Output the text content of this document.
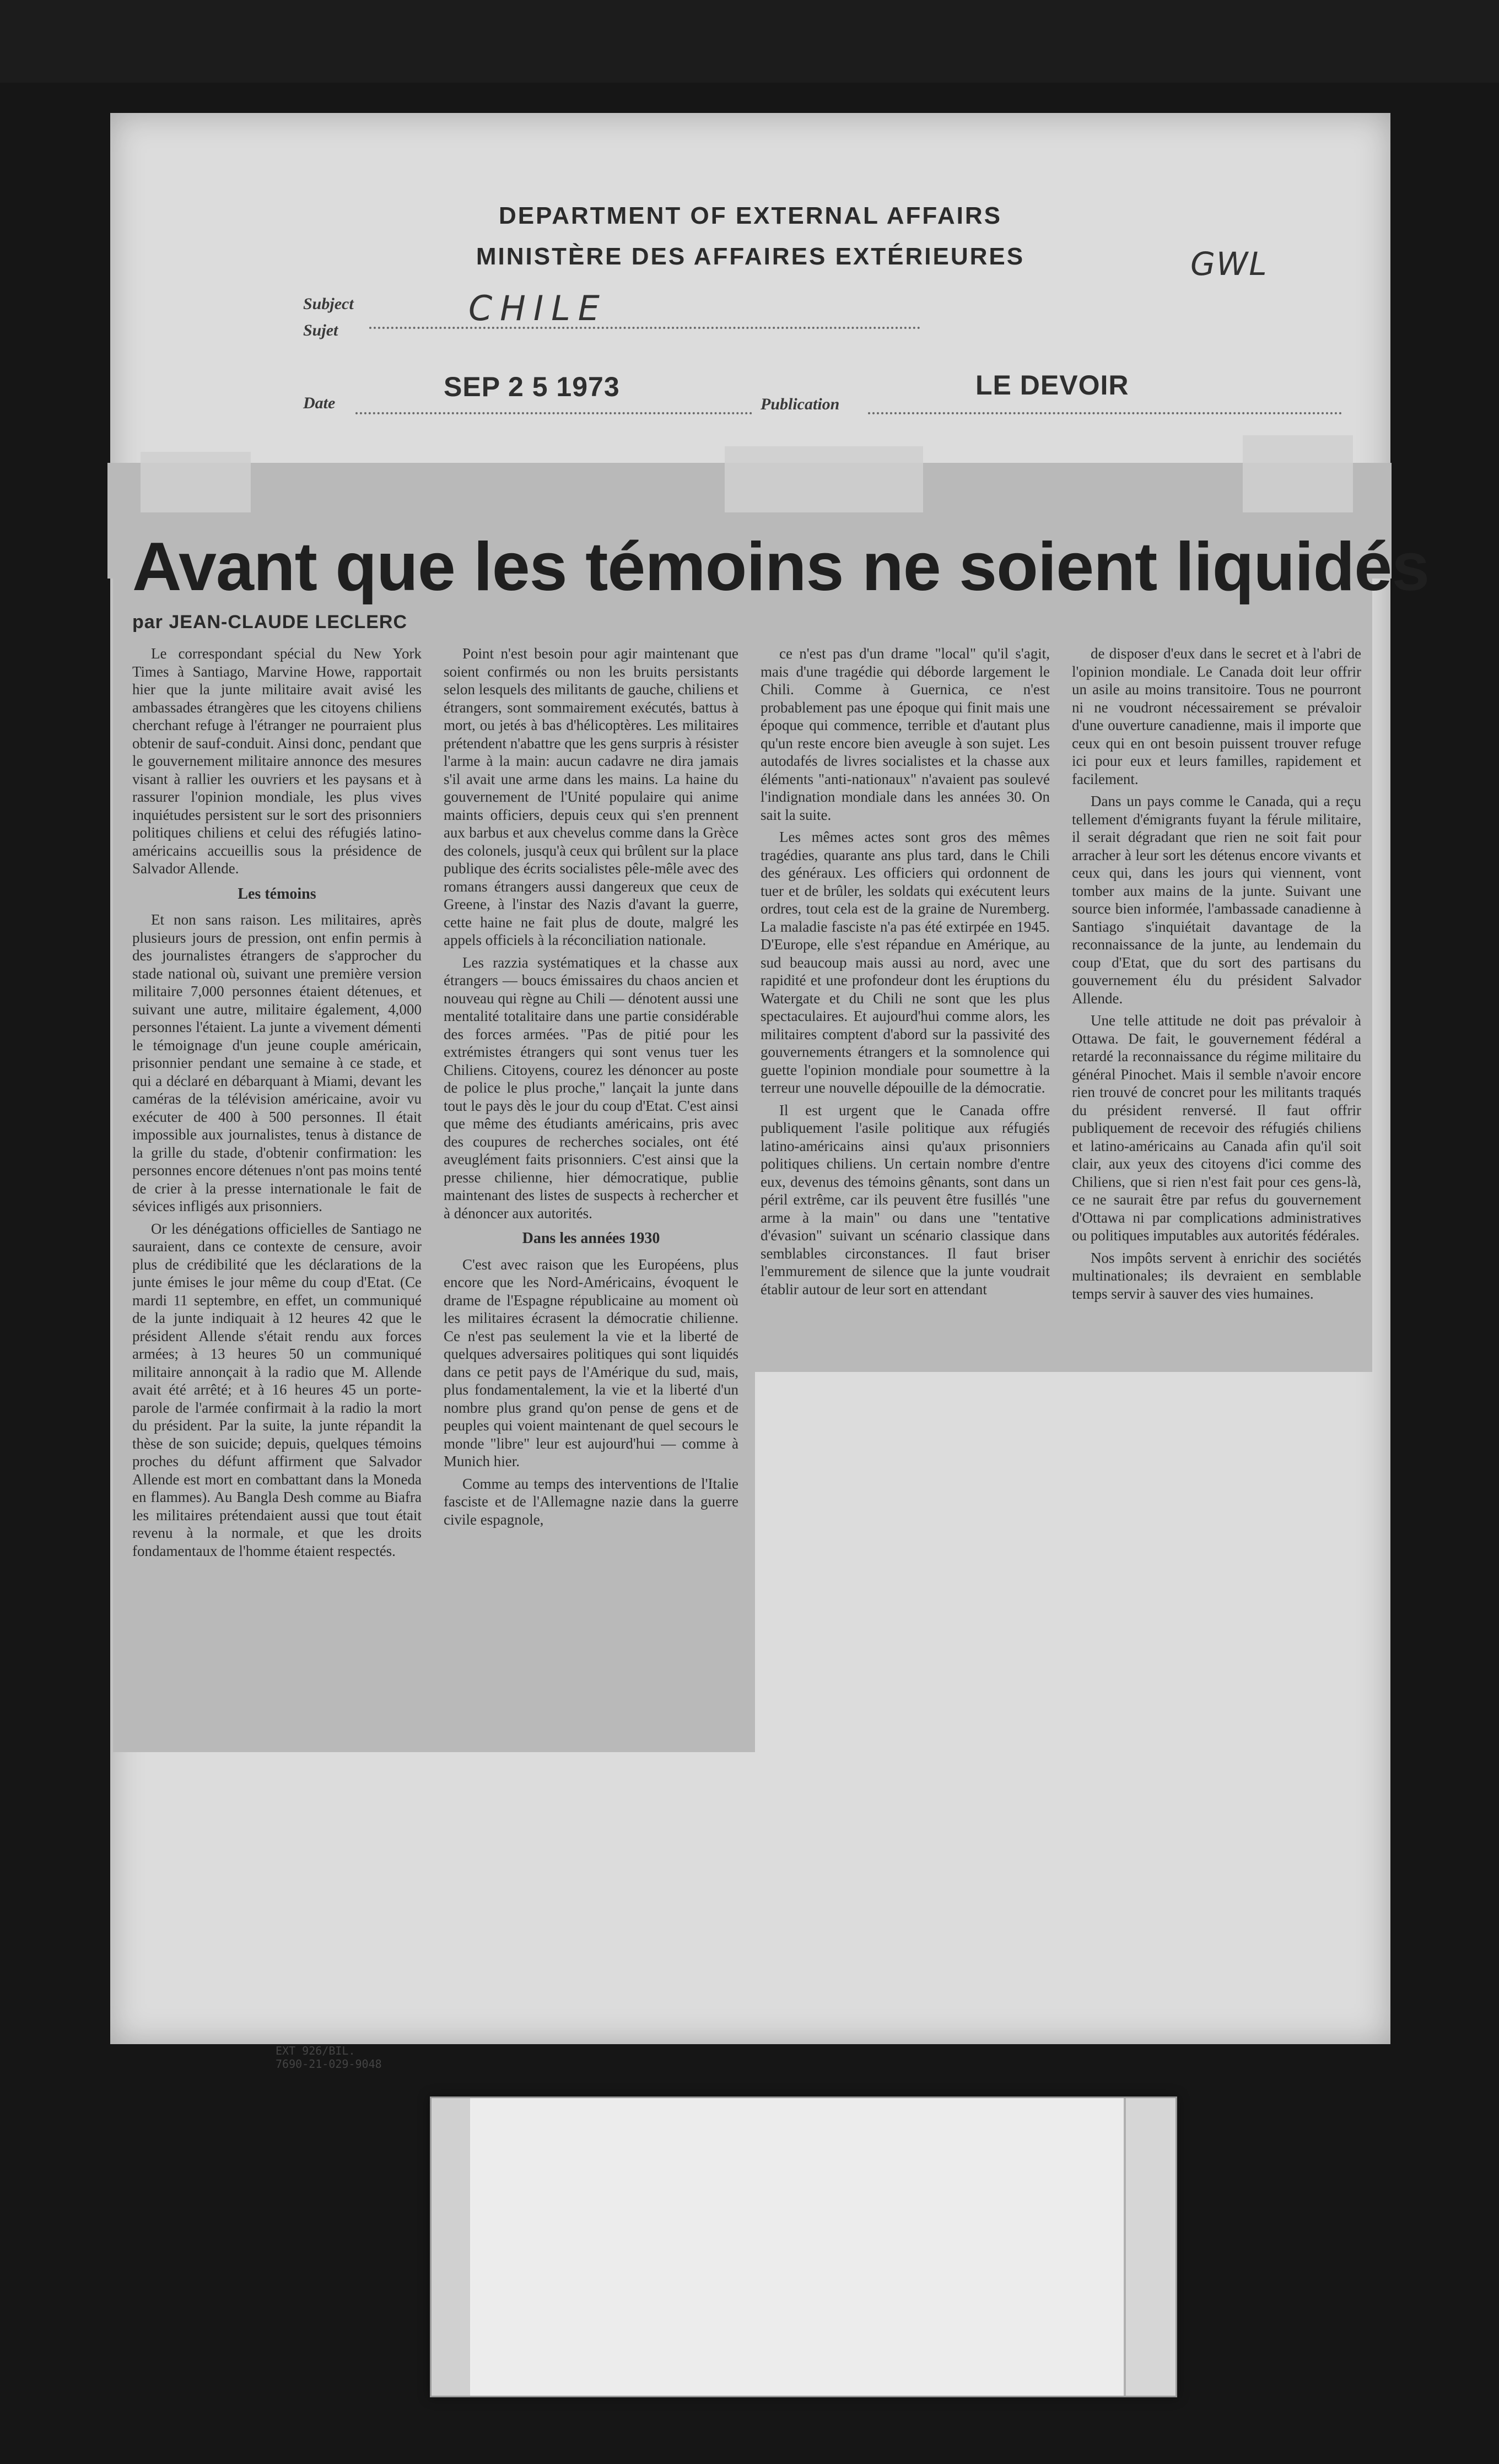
DEPARTMENT OF EXTERNAL AFFAIRS
MINISTÈRE DES AFFAIRES EXTÉRIEURES	GWL
Subject
Sujet
CHILE
Date
SEP 2 5 1973
Publication
LE DEVOIR
EXT 926/BIL.
7690-21-029-9048
Avant que les témoins ne soient liquidés
par JEAN-CLAUDE LECLERC

Le correspondant spécial du New York Times à Santiago, Marvine Howe, rapportait hier que la junte militaire avait avisé les ambassades étrangères que les citoyens chiliens cherchant refuge à l'étranger ne pourraient plus obtenir de sauf-conduit. Ainsi donc, pendant que le gouvernement militaire annonce des mesures visant à rallier les ouvriers et les paysans et à rassurer l'opinion mondiale, les plus vives inquiétudes persistent sur le sort des prisonniers politiques chiliens et celui des réfugiés latino-américains accueillis sous la présidence de Salvador Allende.

Les témoins

Et non sans raison. Les militaires, après plusieurs jours de pression, ont enfin permis à des journalistes étrangers de s'approcher du stade national où, suivant une première version militaire 7,000 personnes étaient détenues, et suivant une autre, militaire également, 4,000 personnes l'étaient. La junte a vivement démenti le témoignage d'un jeune couple américain, prisonnier pendant une semaine à ce stade, et qui a déclaré en débarquant à Miami, devant les caméras de la télévision américaine, avoir vu exécuter de 400 à 500 personnes. Il était impossible aux journalistes, tenus à distance de la grille du stade, d'obtenir confirmation: les personnes encore détenues n'ont pas moins tenté de crier à la presse internationale le fait de sévices infligés aux prisonniers.

Or les dénégations officielles de Santiago ne sauraient, dans ce contexte de censure, avoir plus de crédibilité que les déclarations de la junte émises le jour même du coup d'Etat. (Ce mardi 11 septembre, en effet, un communiqué de la junte indiquait à 12 heures 42 que le président Allende s'était rendu aux forces armées; à 13 heures 50 un communiqué militaire annonçait à la radio que M. Allende avait été arrêté; et à 16 heures 45 un porte-parole de l'armée confirmait à la radio la mort du président. Par la suite, la junte répandit la thèse de son suicide; depuis, quelques témoins proches du défunt affirment que Salvador Allende est mort en combattant dans la Moneda en flammes). Au Bangla Desh comme au Biafra les militaires prétendaient aussi que tout était revenu à la normale, et que les droits fondamentaux de l'homme étaient respectés.

Point n'est besoin pour agir maintenant que soient confirmés ou non les bruits persistants selon lesquels des militants de gauche, chiliens et étrangers, sont sommairement exécutés, battus à mort, ou jetés à bas d'hélicoptères. Les militaires prétendent n'abattre que les gens surpris à résister l'arme à la main: aucun cadavre ne dira jamais s'il avait une arme dans les mains. La haine du gouvernement de l'Unité populaire qui anime maints officiers, depuis ceux qui s'en prennent aux barbus et aux chevelus comme dans la Grèce des colonels, jusqu'à ceux qui brûlent sur la place publique des écrits socialistes pêle-mêle avec des romans étrangers aussi dangereux que ceux de Greene, à l'instar des Nazis d'avant la guerre, cette haine ne fait plus de doute, malgré les appels officiels à la réconciliation nationale.

Les razzia systématiques et la chasse aux étrangers — boucs émissaires du chaos ancien et nouveau qui règne au Chili — dénotent aussi une mentalité totalitaire dans une partie considérable des forces armées. "Pas de pitié pour les extrémistes étrangers qui sont venus tuer les Chiliens. Citoyens, courez les dénoncer au poste de police le plus proche," lançait la junte dans tout le pays dès le jour du coup d'Etat. C'est ainsi que même des étudiants américains, pris avec des coupures de recherches sociales, ont été aveuglément faits prisonniers. C'est ainsi que la presse chilienne, hier démocratique, publie maintenant des listes de suspects à rechercher et à dénoncer aux autorités.

Dans les années 1930

C'est avec raison que les Européens, plus encore que les Nord-Américains, évoquent le drame de l'Espagne républicaine au moment où les militaires écrasent la démocratie chilienne. Ce n'est pas seulement la vie et la liberté de quelques adversaires politiques qui sont liquidés dans ce petit pays de l'Amérique du sud, mais, plus fondamentalement, la vie et la liberté d'un nombre plus grand qu'on pense de gens et de peuples qui voient maintenant de quel secours le monde "libre" leur est aujourd'hui — comme à Munich hier.

Comme au temps des interventions de l'Italie fasciste et de l'Allemagne nazie dans la guerre civile espagnole,

ce n'est pas d'un drame "local" qu'il s'agit, mais d'une tragédie qui déborde largement le Chili. Comme à Guernica, ce n'est probablement pas une époque qui finit mais une époque qui commence, terrible et d'autant plus qu'un reste encore bien aveugle à son sujet. Les autodafés de livres socialistes et la chasse aux éléments "anti-nationaux" n'avaient pas soulevé l'indignation mondiale dans les années 30. On sait la suite.

Les mêmes actes sont gros des mêmes tragédies, quarante ans plus tard, dans le Chili des généraux. Les officiers qui ordonnent de tuer et de brûler, les soldats qui exécutent leurs ordres, tout cela est de la graine de Nuremberg. La maladie fasciste n'a pas été extirpée en 1945. D'Europe, elle s'est répandue en Amérique, au sud beaucoup mais aussi au nord, avec une rapidité et une profondeur dont les éruptions du Watergate et du Chili ne sont que les plus spectaculaires. Et aujourd'hui comme alors, les militaires comptent d'abord sur la passivité des gouvernements étrangers et la somnolence qui guette l'opinion mondiale pour soumettre à la terreur une nouvelle dépouille de la démocratie.

Il est urgent que le Canada offre publiquement l'asile politique aux réfugiés latino-américains ainsi qu'aux prisonniers politiques chiliens. Un certain nombre d'entre eux, devenus des témoins gênants, sont dans un péril extrême, car ils peuvent être fusillés "une arme à la main" ou dans une "tentative d'évasion" suivant un scénario classique dans semblables circonstances. Il faut briser l'emmurement de silence que la junte voudrait établir autour de leur sort en attendant

de disposer d'eux dans le secret et à l'abri de l'opinion mondiale. Le Canada doit leur offrir un asile au moins transitoire. Tous ne pourront ni ne voudront nécessairement se prévaloir d'une ouverture canadienne, mais il importe que ceux qui en ont besoin puissent trouver refuge ici pour eux et leurs familles, rapidement et facilement.

Dans un pays comme le Canada, qui a reçu tellement d'émigrants fuyant la férule militaire, il serait dégradant que rien ne soit fait pour arracher à leur sort les détenus encore vivants et ceux qui, dans les jours qui viennent, vont tomber aux mains de la junte. Suivant une source bien informée, l'ambassade canadienne à Santiago s'inquiétait davantage de la reconnaissance de la junte, au lendemain du coup d'Etat, que du sort des partisans du gouvernement élu du président Salvador Allende.

Une telle attitude ne doit pas prévaloir à Ottawa. De fait, le gouvernement fédéral a retardé la reconnaissance du régime militaire du général Pinochet. Mais il semble n'avoir encore rien trouvé de concret pour les militants traqués du président renversé. Il faut offrir publiquement de recevoir des réfugiés chiliens et latino-américains au Canada afin qu'il soit clair, aux yeux des citoyens d'ici comme des Chiliens, que si rien n'est fait pour ces gens-là, ce ne saurait être par refus du gouvernement d'Ottawa ni par complications administratives ou politiques imputables aux autorités fédérales.

Nos impôts servent à enrichir des sociétés multinationales; ils devraient en semblable temps servir à sauver des vies humaines.
